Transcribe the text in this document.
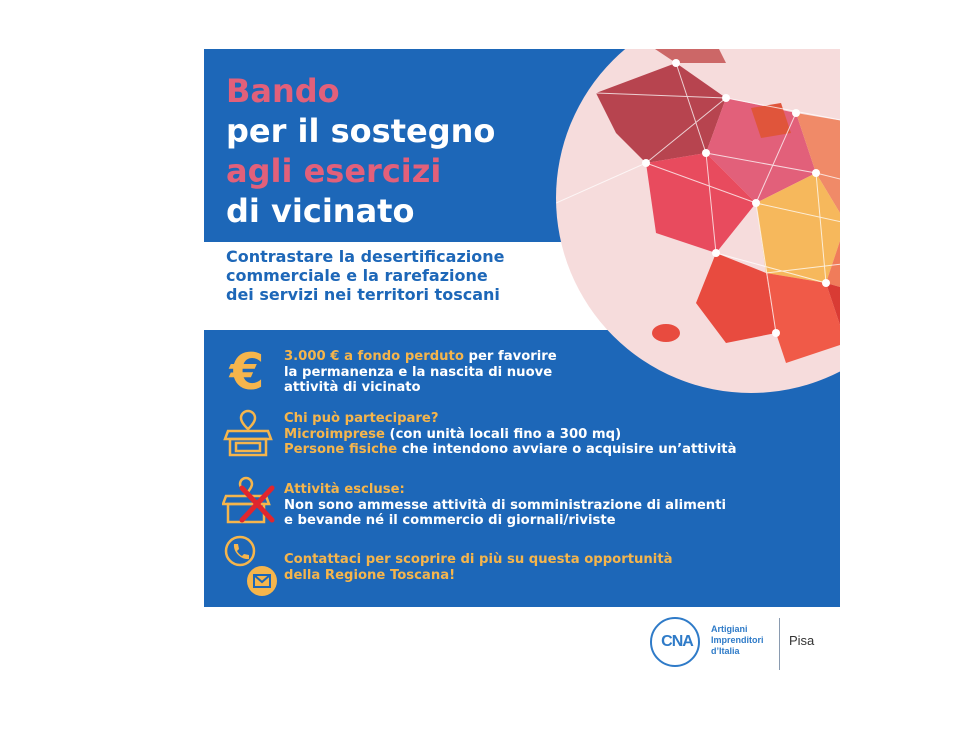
Bando
per il sostegno
agli esercizi
di vicinato
Contrastare la desertificazione
commerciale e la rarefazione
dei servizi nei territori toscani
€ 3.000 € a fondo perduto per favorire
la permanenza e la nascita di nuove
attività di vicinato
Chi può partecipare?
Microimprese (con unità locali fino a 300 mq)
Persone fisiche che intendono avviare o acquisire un’attività
Attività escluse:
Non sono ammesse attività di somministrazione di alimenti
e bevande né il commercio di giornali/riviste
Contattaci per scoprire di più su questa opportunità
della Regione Toscana!
CNA
Artigiani
Imprenditori
d’Italia
Pisa
